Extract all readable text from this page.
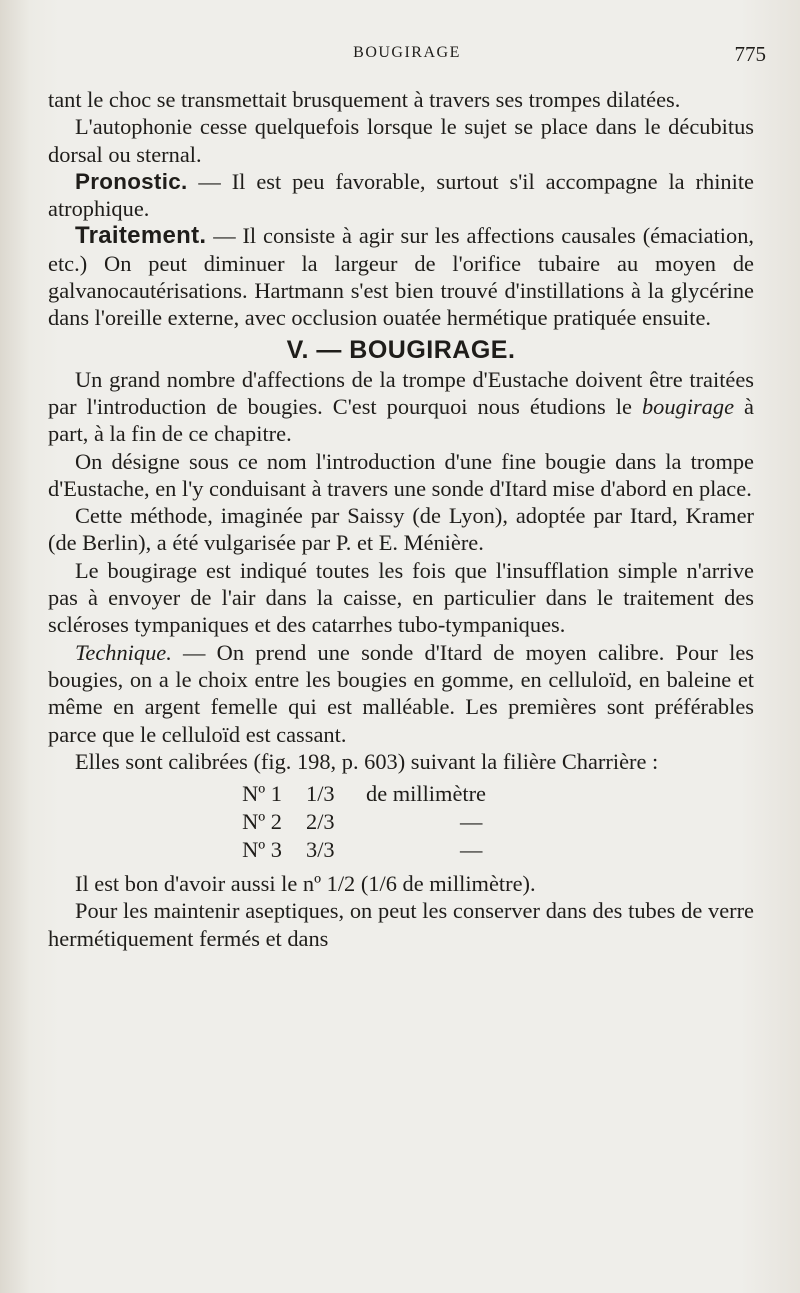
BOUGIRAGE	775

tant le choc se transmettait brusquement à travers ses trompes dilatées.

L'autophonie cesse quelquefois lorsque le sujet se place dans le décubitus dorsal ou sternal.

Pronostic. — Il est peu favorable, surtout s'il accompagne la rhinite atrophique.

Traitement. — Il consiste à agir sur les affections causales (émaciation, etc.) On peut diminuer la largeur de l'orifice tubaire au moyen de galvanocautérisations. Hartmann s'est bien trouvé d'instillations à la glycérine dans l'oreille externe, avec occlusion ouatée hermétique pratiquée ensuite.

V. — BOUGIRAGE.

Un grand nombre d'affections de la trompe d'Eustache doivent être traitées par l'introduction de bougies. C'est pourquoi nous étudions le bougirage à part, à la fin de ce chapitre.

On désigne sous ce nom l'introduction d'une fine bougie dans la trompe d'Eustache, en l'y conduisant à travers une sonde d'Itard mise d'abord en place.

Cette méthode, imaginée par Saissy (de Lyon), adoptée par Itard, Kramer (de Berlin), a été vulgarisée par P. et E. Ménière.

Le bougirage est indiqué toutes les fois que l'insufflation simple n'arrive pas à envoyer de l'air dans la caisse, en particulier dans le traitement des scléroses tympaniques et des catarrhes tubo-tympaniques.

Technique. — On prend une sonde d'Itard de moyen calibre. Pour les bougies, on a le choix entre les bougies en gomme, en celluloïd, en baleine et même en argent femelle qui est malléable. Les premières sont préférables parce que le celluloïd est cassant.

Elles sont calibrées (fig. 198, p. 603) suivant la filière Charrière :

Nº 1	1/3	de millimètre
Nº 2	2/3	—
Nº 3	3/3	—

Il est bon d'avoir aussi le nº 1/2 (1/6 de millimètre).

Pour les maintenir aseptiques, on peut les conserver dans des tubes de verre hermétiquement fermés et dans
